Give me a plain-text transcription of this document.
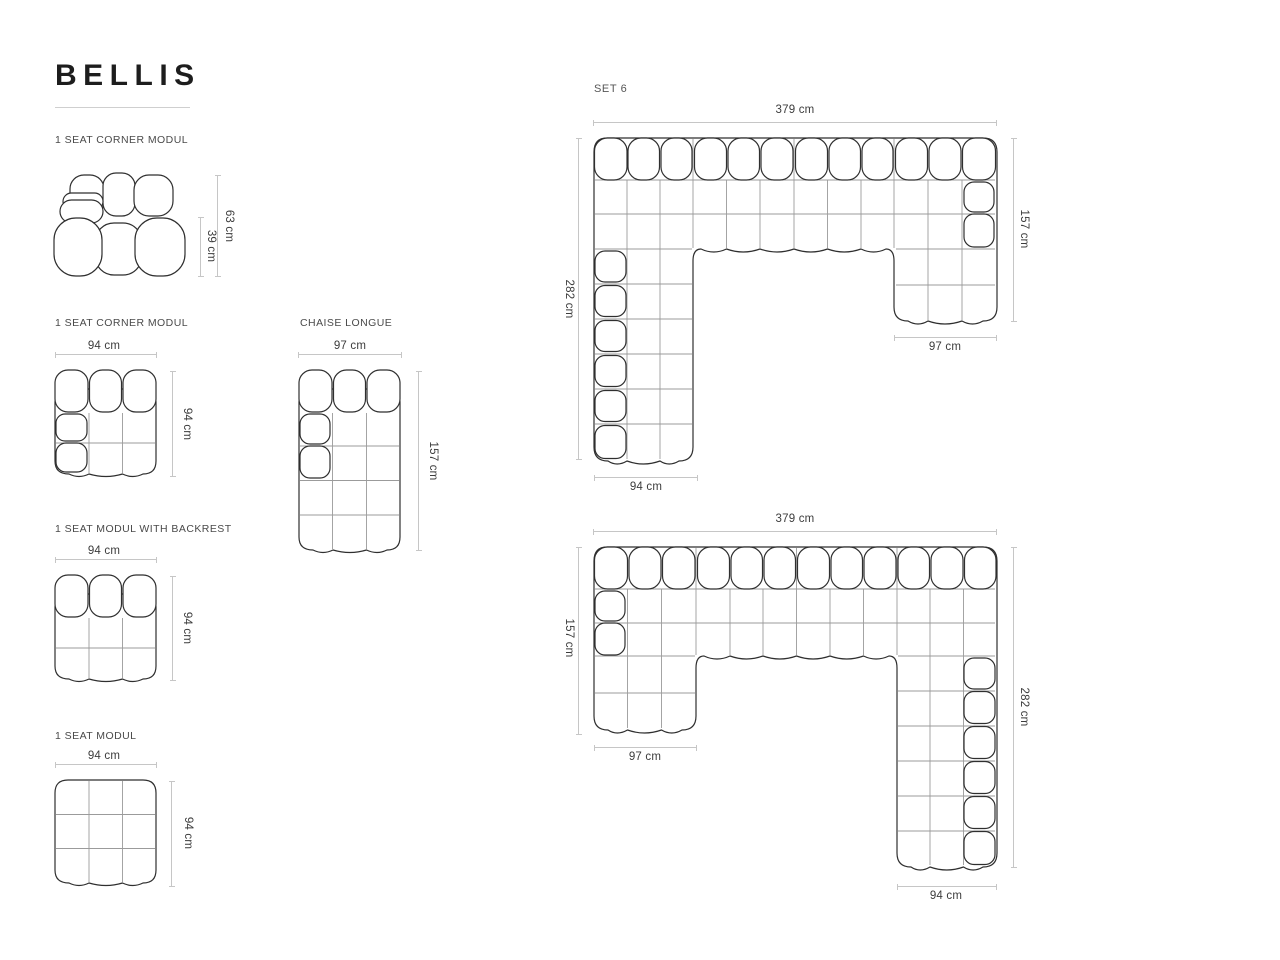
BELLIS
1 SEAT CORNER MODUL
63 cm
39 cm
1 SEAT CORNER MODUL
94 cm
94 cm
CHAISE LONGUE
97 cm
157 cm
1 SEAT MODUL WITH BACKREST
94 cm
94 cm
1 SEAT MODUL
94 cm
94 cm
SET 6
379 cm
157 cm
282 cm
94 cm
97 cm
379 cm
157 cm
282 cm
97 cm
94 cm
